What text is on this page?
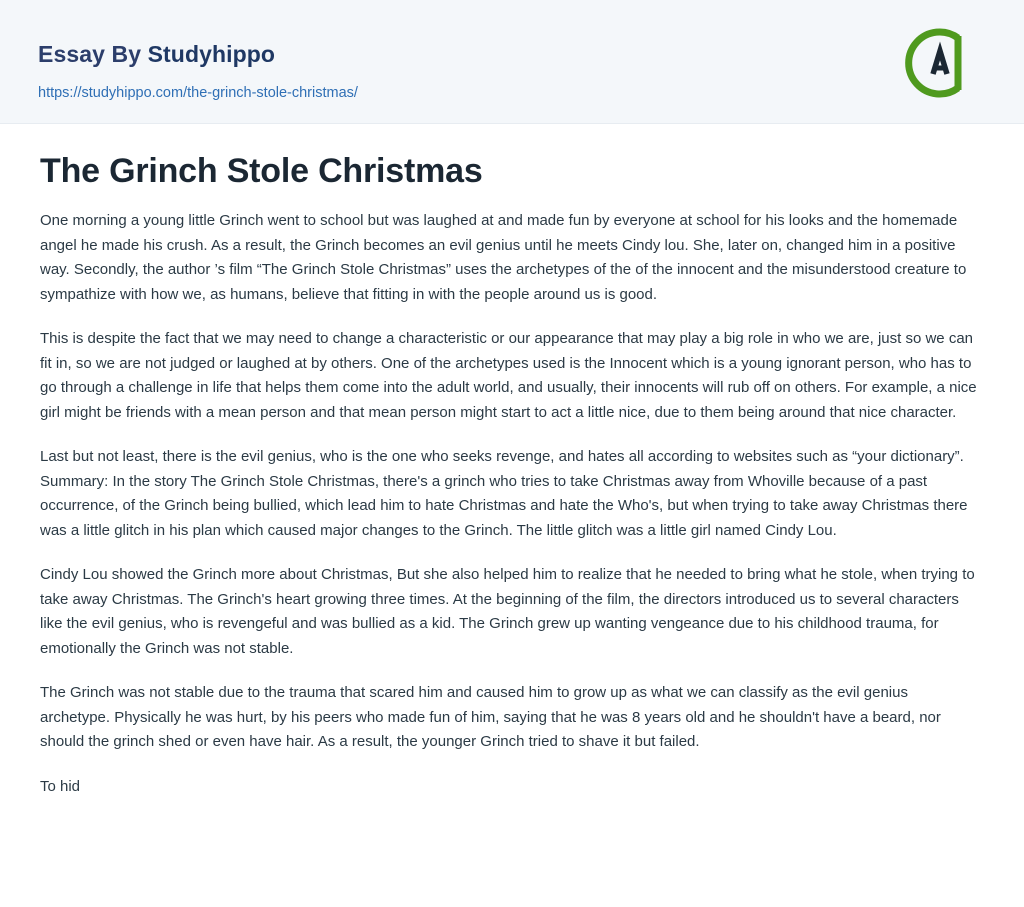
Essay By Studyhippo
https://studyhippo.com/the-grinch-stole-christmas/
The Grinch Stole Christmas

One morning a young little Grinch went to school but was laughed at and made fun by everyone at school for his looks and the homemade angel he made his crush. As a result, the Grinch becomes an evil genius until he meets Cindy lou. She, later on, changed him in a positive way. Secondly, the author ’s film “The Grinch Stole Christmas” uses the archetypes of the of the innocent and the misunderstood creature to sympathize with how we, as humans, believe that fitting in with the people around us is good.

This is despite the fact that we may need to change a characteristic or our appearance that may play a big role in who we are, just so we can fit in, so we are not judged or laughed at by others. One of the archetypes used is the Innocent which is a young ignorant person, who has to go through a challenge in life that helps them come into the adult world, and usually, their innocents will rub off on others. For example, a nice girl might be friends with a mean person and that mean person might start to act a little nice, due to them being around that nice character.

Last but not least, there is the evil genius, who is the one who seeks revenge, and hates all according to websites such as “your dictionary”. Summary: In the story The Grinch Stole Christmas, there's a grinch who tries to take Christmas away from Whoville because of a past occurrence, of the Grinch being bullied, which lead him to hate Christmas and hate the Who's, but when trying to take away Christmas there was a little glitch in his plan which caused major changes to the Grinch. The little glitch was a little girl named Cindy Lou.

Cindy Lou showed the Grinch more about Christmas, But she also helped him to realize that he needed to bring what he stole, when trying to take away Christmas. The Grinch's heart growing three times. At the beginning of the film, the directors introduced us to several characters like the evil genius, who is revengeful and was bullied as a kid. The Grinch grew up wanting vengeance due to his childhood trauma, for emotionally the Grinch was not stable.

The Grinch was not stable due to the trauma that scared him and caused him to grow up as what we can classify as the evil genius archetype. Physically he was hurt, by his peers who made fun of him, saying that he was 8 years old and he shouldn't have a beard, nor should the grinch shed or even have hair. As a result, the younger Grinch tried to shave it but failed.

To hid
